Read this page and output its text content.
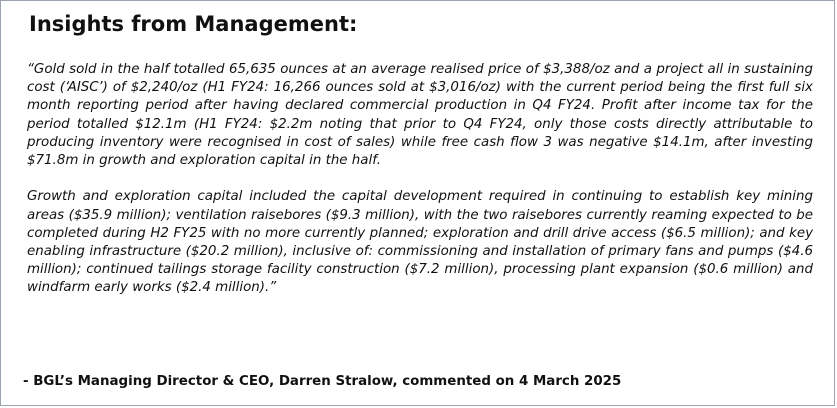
Insights from Management:

“Gold sold in the half totalled 65,635 ounces at an average realised price of $3,388/oz and a project all in sustaining cost (‘AISC’) of $2,240/oz (H1 FY24: 16,266 ounces sold at $3,016/oz) with the current period being the first full six month reporting period after having declared commercial production in Q4 FY24. Profit after income tax for the period totalled $12.1m (H1 FY24: $2.2m noting that prior to Q4 FY24, only those costs directly attributable to producing inventory were recognised in cost of sales) while free cash flow 3 was negative $14.1m, after investing $71.8m in growth and exploration capital in the half.

Growth and exploration capital included the capital development required in continuing to establish key mining areas ($35.9 million); ventilation raisebores ($9.3 million), with the two raisebores currently reaming expected to be completed during H2 FY25 with no more currently planned; exploration and drill drive access ($6.5 million); and key enabling infrastructure ($20.2 million), inclusive of: commissioning and installation of primary fans and pumps ($4.6 million); continued tailings storage facility construction ($7.2 million), processing plant expansion ($0.6 million) and windfarm early works ($2.4 million).”

- BGL’s Managing Director & CEO, Darren Stralow, commented on 4 March 2025
